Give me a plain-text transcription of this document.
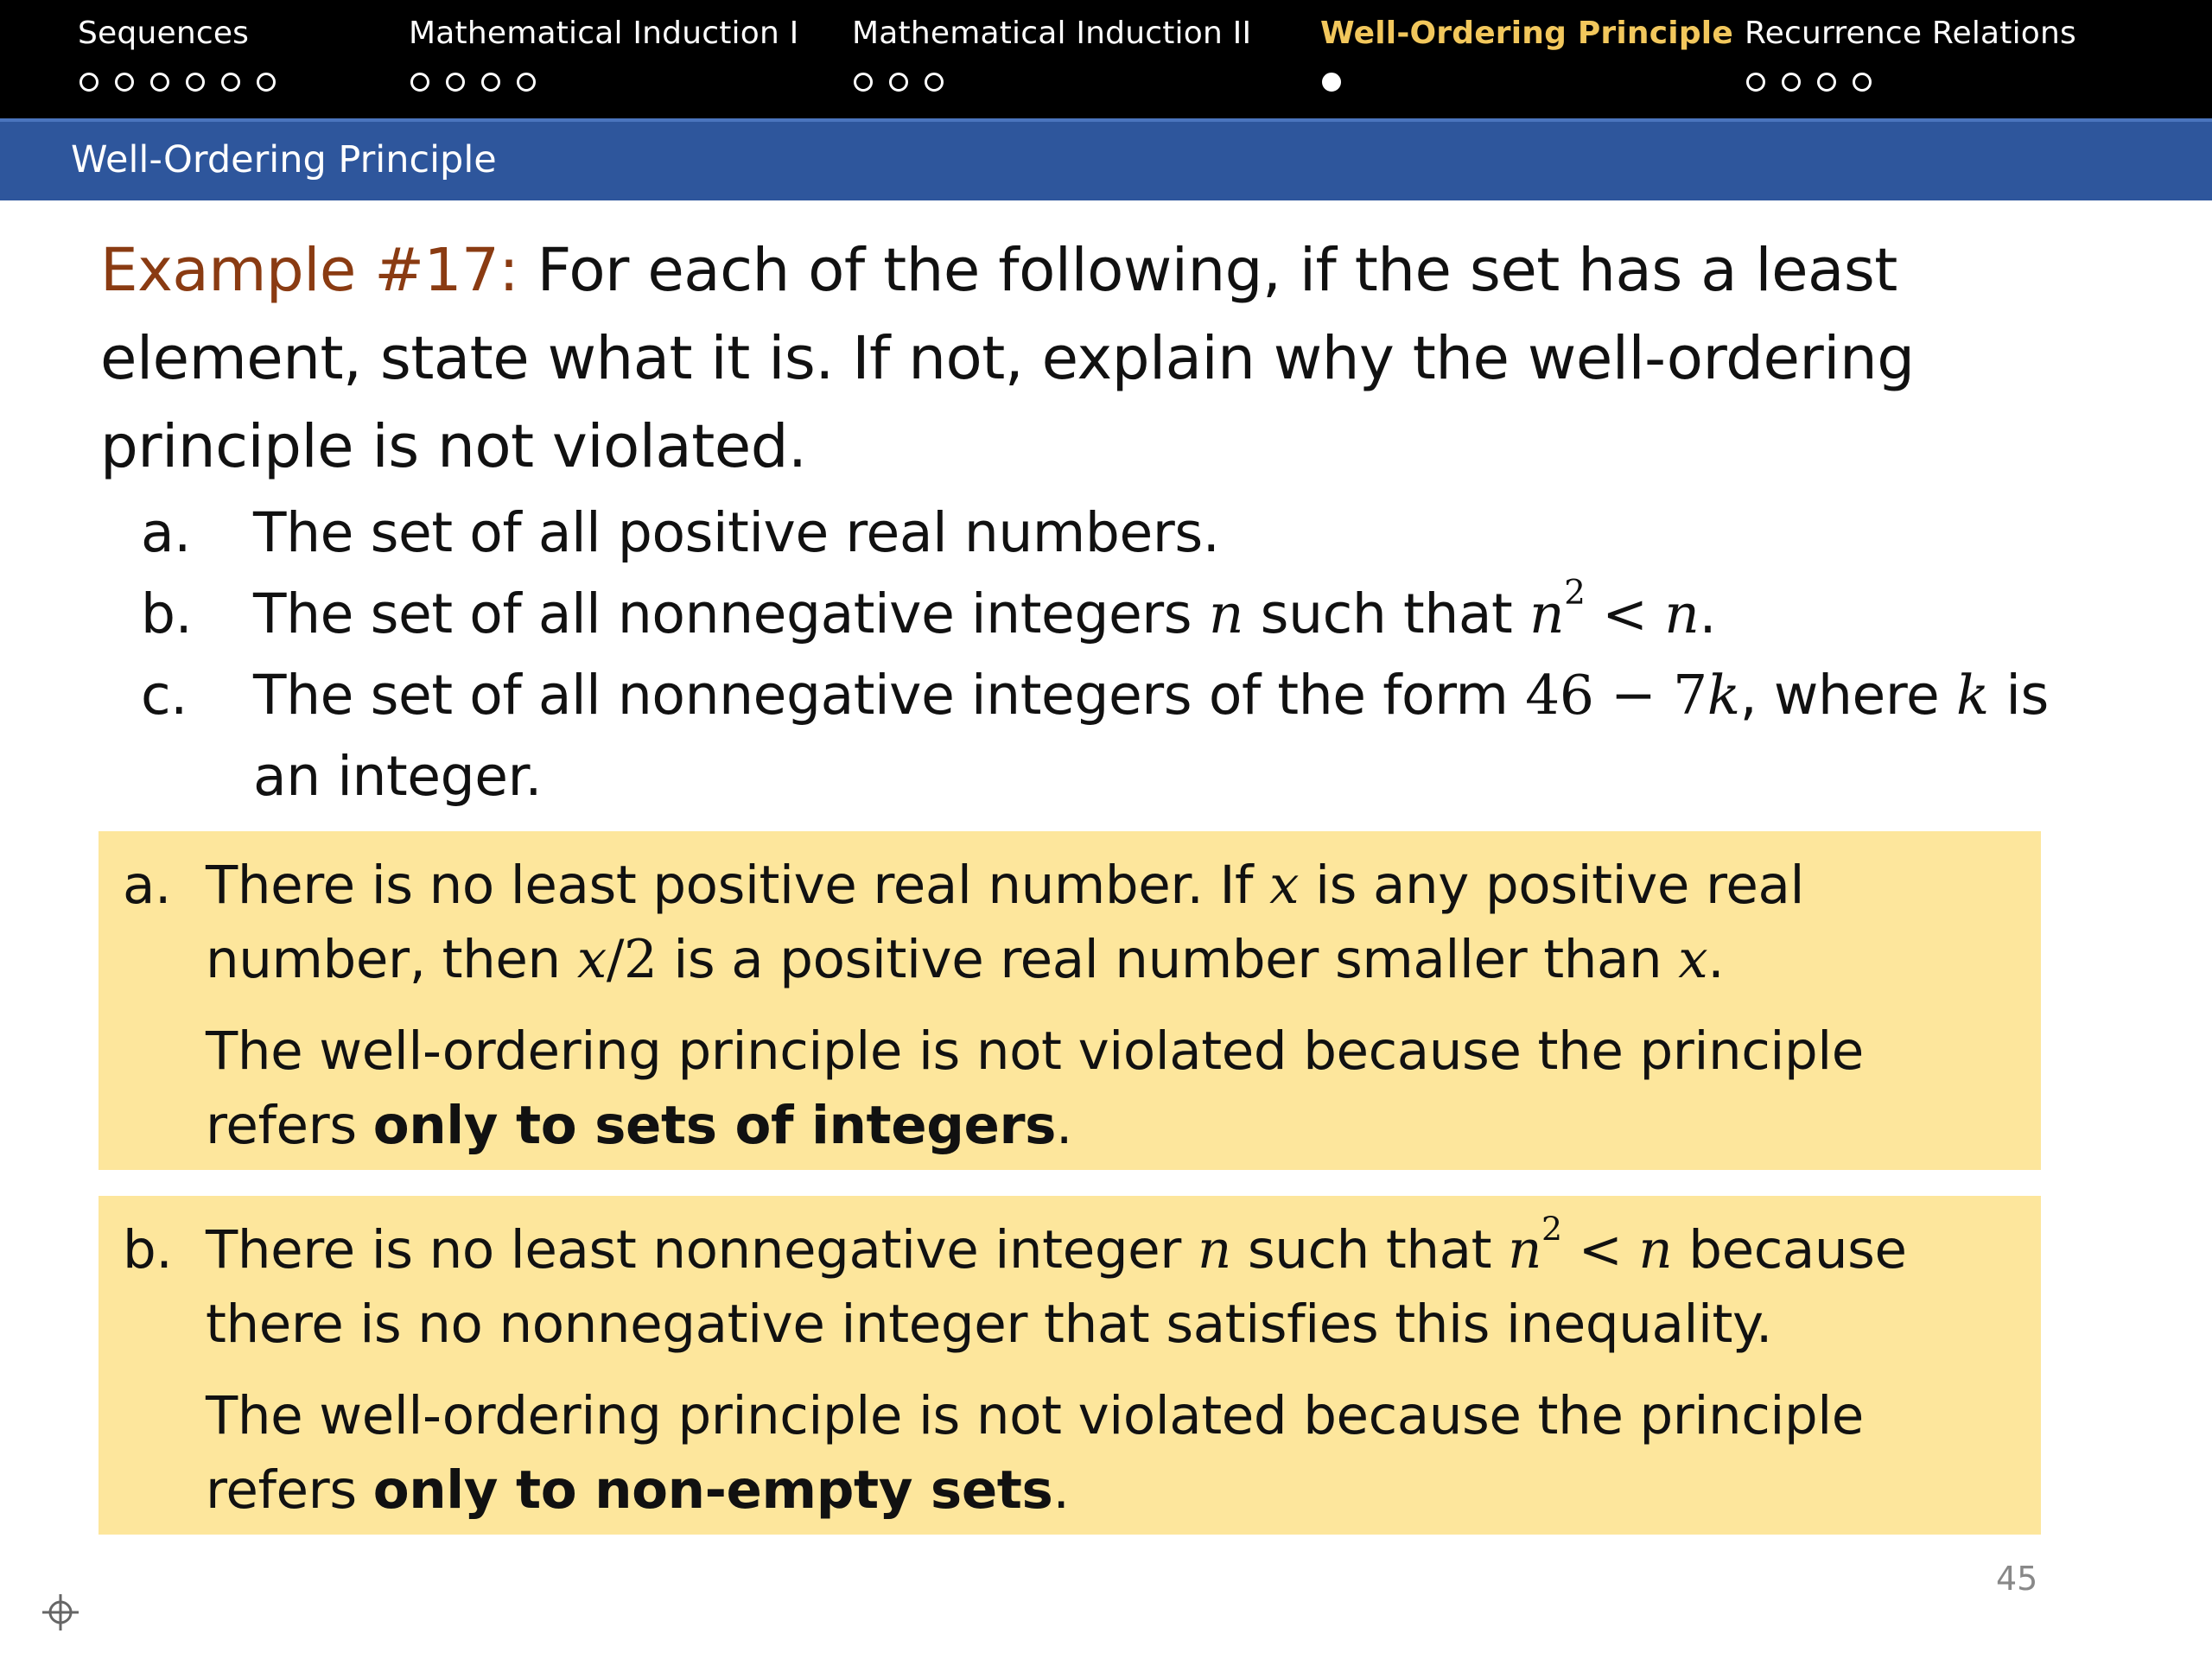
Sequences	Mathematical Induction I Mathematical Induction II Well-Ordering Principle Recurrence Relations
Well-Ordering Principle
Example #17: For each of the following, if the set has a least element, state what it is. If not, explain why the well-ordering principle is not violated.
a.	The set of all positive real numbers.
b.	The set of all nonnegative integers n such that $n^2 < n$.
c.	The set of all nonnegative integers of the form 46 − 7k, where k is an integer.
a. There is no least positive real number. If x is any positive real number, then x/2 is a positive real number smaller than x.

The well-ordering principle is not violated because the principle refers only to sets of integers.

b. There is no least nonnegative integer n such that $n^2 < n$ because there is no nonnegative integer that satisfies this inequality.

The well-ordering principle is not violated because the principle refers only to non-empty sets.

45
